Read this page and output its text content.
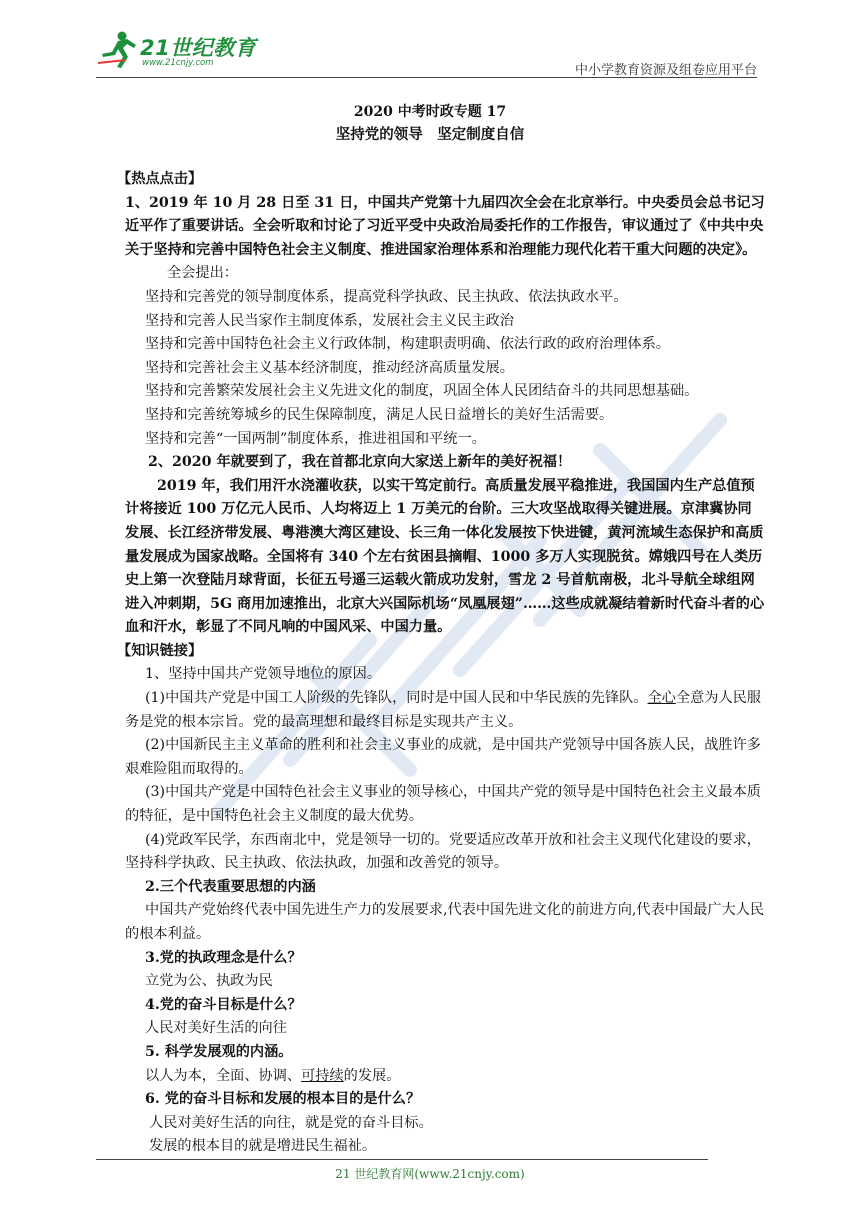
21世纪教育
www.21cnjy.com	中小学教育资源及组卷应用平台
2020 中考时政专题 17
坚持党的领导　坚定制度自信

【热点点击】

1、2019 年 10 月 28 日至 31 日，中国共产党第十九届四次全会在北京举行。中央委员会总书记习近平作了重要讲话。全会听取和讨论了习近平受中央政治局委托作的工作报告，审议通过了《中共中央关于坚持和完善中国特色社会主义制度、推进国家治理体系和治理能力现代化若干重大问题的决定》。

全会提出：

坚持和完善党的领导制度体系，提高党科学执政、民主执政、依法执政水平。

坚持和完善人民当家作主制度体系，发展社会主义民主政治

坚持和完善中国特色社会主义行政体制，构建职责明确、依法行政的政府治理体系。

坚持和完善社会主义基本经济制度，推动经济高质量发展。

坚持和完善繁荣发展社会主义先进文化的制度，巩固全体人民团结奋斗的共同思想基础。

坚持和完善统筹城乡的民生保障制度，满足人民日益增长的美好生活需要。

坚持和完善“一国两制”制度体系，推进祖国和平统一。

2、2020 年就要到了，我在首都北京向大家送上新年的美好祝福！

2019 年，我们用汗水浇灌收获，以实干笃定前行。高质量发展平稳推进，我国国内生产总值预计将接近 100 万亿元人民币、人均将迈上 1 万美元的台阶。三大攻坚战取得关键进展。京津冀协同发展、长江经济带发展、粤港澳大湾区建设、长三角一体化发展按下快进键，黄河流域生态保护和高质量发展成为国家战略。全国将有 340 个左右贫困县摘帽、1000 多万人实现脱贫。嫦娥四号在人类历史上第一次登陆月球背面，长征五号遥三运载火箭成功发射，雪龙 2 号首航南极，北斗导航全球组网进入冲刺期，5G 商用加速推出，北京大兴国际机场“凤凰展翅”……这些成就凝结着新时代奋斗者的心血和汗水，彰显了不同凡响的中国风采、中国力量。

【知识链接】

1、坚持中国共产党领导地位的原因。

(1)中国共产党是中国工人阶级的先锋队，同时是中国人民和中华民族的先锋队。全心全意为人民服务是党的根本宗旨。党的最高理想和最终目标是实现共产主义。

(2)中国新民主主义革命的胜利和社会主义事业的成就，是中国共产党领导中国各族人民，战胜许多艰难险阻而取得的。

(3)中国共产党是中国特色社会主义事业的领导核心，中国共产党的领导是中国特色社会主义最本质的特征，是中国特色社会主义制度的最大优势。

(4)党政军民学，东西南北中，党是领导一切的。党要适应改革开放和社会主义现代化建设的要求，坚持科学执政、民主执政、依法执政，加强和改善党的领导。

2.三个代表重要思想的内涵

中国共产党始终代表中国先进生产力的发展要求,代表中国先进文化的前进方向,代表中国最广大人民的根本利益。

3.党的执政理念是什么？

立党为公、执政为民

4.党的奋斗目标是什么？

人民对美好生活的向往

5. 科学发展观的内涵。

以人为本，全面、协调、可持续的发展。

6. 党的奋斗目标和发展的根本目的是什么？

人民对美好生活的向往，就是党的奋斗目标。

发展的根本目的就是增进民生福祉。

21 世纪教育网(www.21cnjy.com)
